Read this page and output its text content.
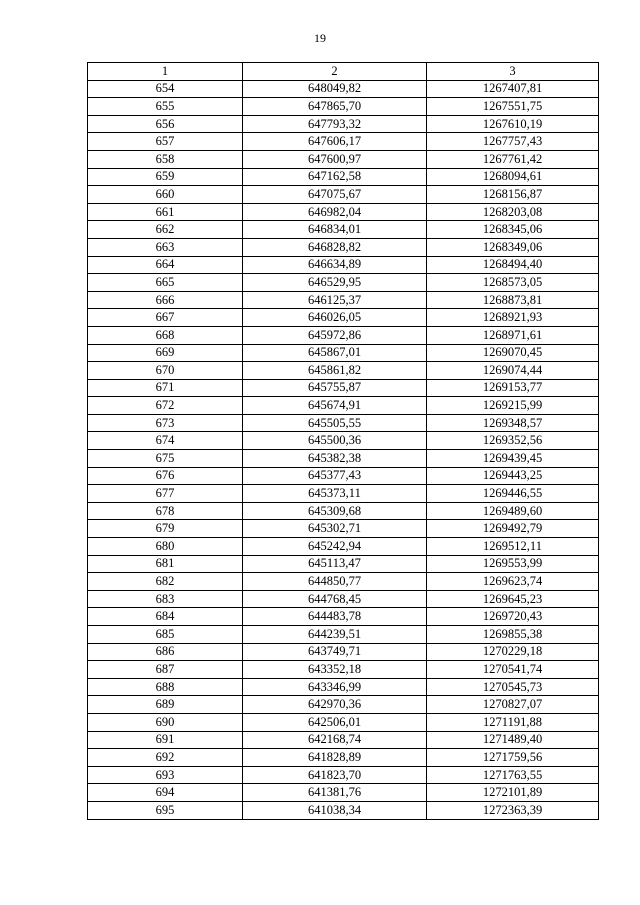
19
1	2	3
654	648049,82	1267407,81
655	647865,70	1267551,75
656	647793,32	1267610,19
657	647606,17	1267757,43
658	647600,97	1267761,42
659	647162,58	1268094,61
660	647075,67	1268156,87
661	646982,04	1268203,08
662	646834,01	1268345,06
663	646828,82	1268349,06
664	646634,89	1268494,40
665	646529,95	1268573,05
666	646125,37	1268873,81
667	646026,05	1268921,93
668	645972,86	1268971,61
669	645867,01	1269070,45
670	645861,82	1269074,44
671	645755,87	1269153,77
672	645674,91	1269215,99
673	645505,55	1269348,57
674	645500,36	1269352,56
675	645382,38	1269439,45
676	645377,43	1269443,25
677	645373,11	1269446,55
678	645309,68	1269489,60
679	645302,71	1269492,79
680	645242,94	1269512,11
681	645113,47	1269553,99
682	644850,77	1269623,74
683	644768,45	1269645,23
684	644483,78	1269720,43
685	644239,51	1269855,38
686	643749,71	1270229,18
687	643352,18	1270541,74
688	643346,99	1270545,73
689	642970,36	1270827,07
690	642506,01	1271191,88
691	642168,74	1271489,40
692	641828,89	1271759,56
693	641823,70	1271763,55
694	641381,76	1272101,89
695	641038,34	1272363,39
